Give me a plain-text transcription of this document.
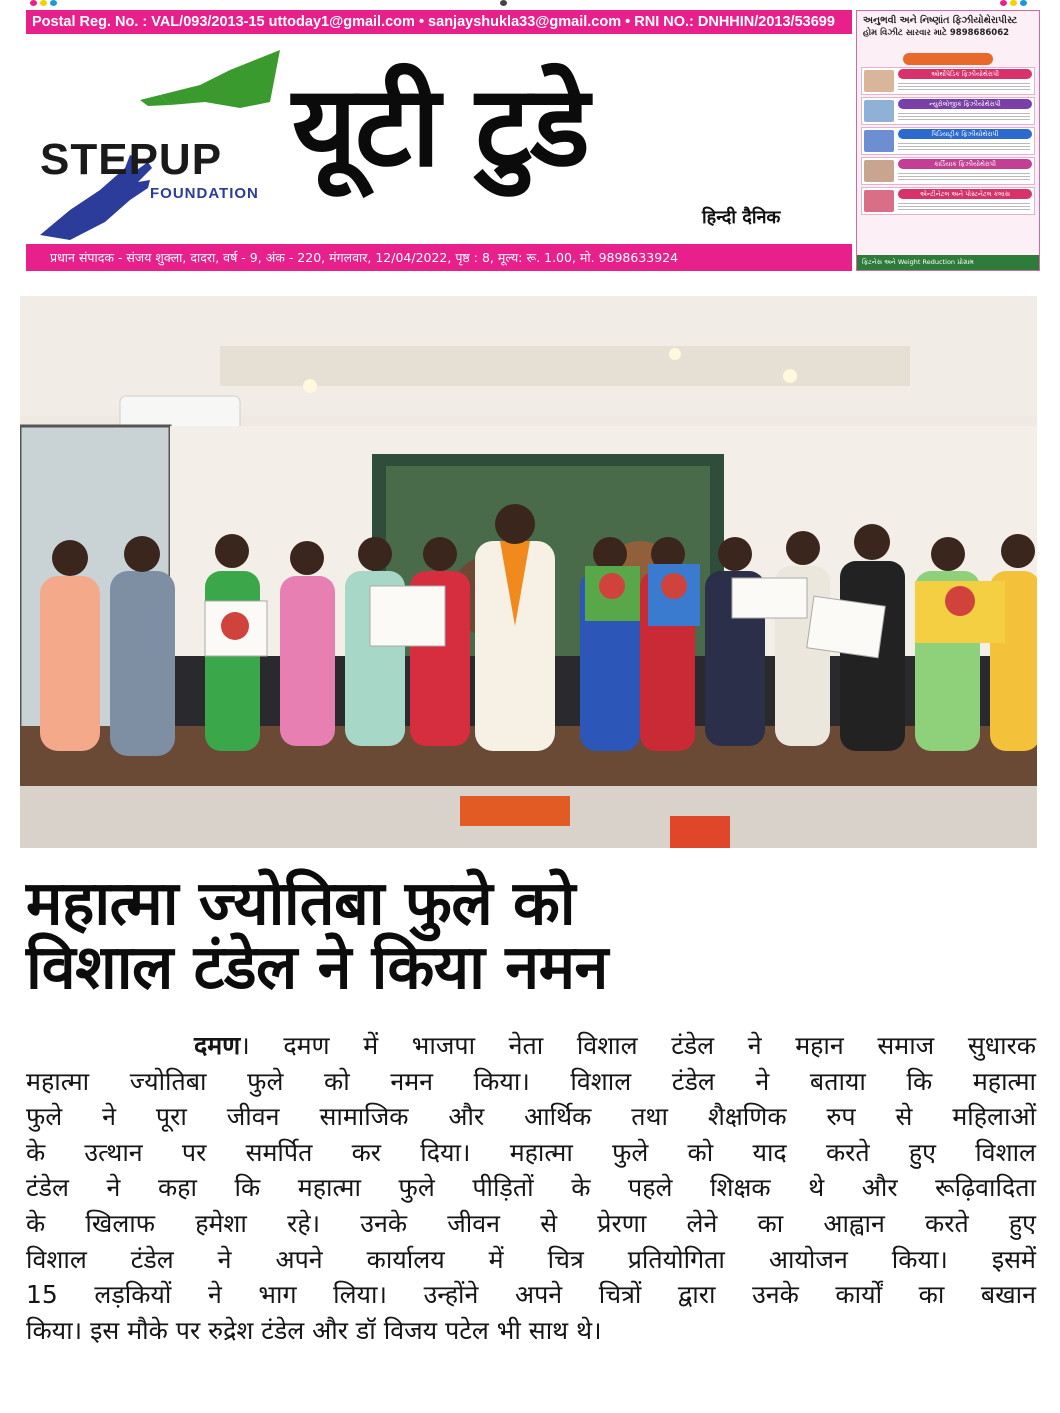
Postal Reg. No. : VAL/093/2013-15 uttoday1@gmail.com • sanjayshukla33@gmail.com • RNI NO.: DNHHIN/2013/53699
STEPUP
FOUNDATION
यूटी टुडे
हिन्दी दैनिक
प्रधान संपादक - संजय शुक्ला, दादरा, वर्ष - 9, अंक - 220, मंगलवार, 12/04/2022, पृष्ठ : 8, मूल्य: रू. 1.00, मो. 9898633924
અનુભવી અને નિષ્ણાંત ફિઝીયોથેરાપીસ્ટ
હોમ વિઝીટ સારવાર માટે 9898686062

ઓર્થોપેડિક ફિઝીયોથેરાપી
ન્યુરોલોજીક ફિઝીયોથેરાપી
પિડિયાટ્રીક ફિઝીયોથેરાપી
કાર્ડિયાક ફિઝીયોથેરાપી
એન્ટીનેટલ અને પોસ્ટનેટલ કલાસ
ફિટનેસ અને Weight Reduction પ્રોગ્રામ
महात्मा ज्योतिबा फुले को
विशाल टंडेल ने किया नमन
दमण। दमण में भाजपा नेता विशाल टंडेल ने महान समाज सुधारक
महात्मा ज्योतिबा फुले को नमन किया। विशाल टंडेल ने बताया कि महात्मा
फुले ने पूरा जीवन सामाजिक और आर्थिक तथा शैक्षणिक रुप से महिलाओं
के उत्थान पर समर्पित कर दिया। महात्मा फुले को याद करते हुए विशाल
टंडेल ने कहा कि महात्मा फुले पीड़ितों के पहले शिक्षक थे और रूढ़िवादिता
के खिलाफ हमेशा रहे। उनके जीवन से प्रेरणा लेने का आह्वान करते हुए
विशाल टंडेल ने अपने कार्यालय में चित्र प्रतियोगिता आयोजन किया। इसमें
15 लड़कियों ने भाग लिया। उन्होंने अपने चित्रों द्वारा उनके कार्यों का बखान
किया। इस मौके पर रुद्रेश टंडेल और डॉ विजय पटेल भी साथ थे।
